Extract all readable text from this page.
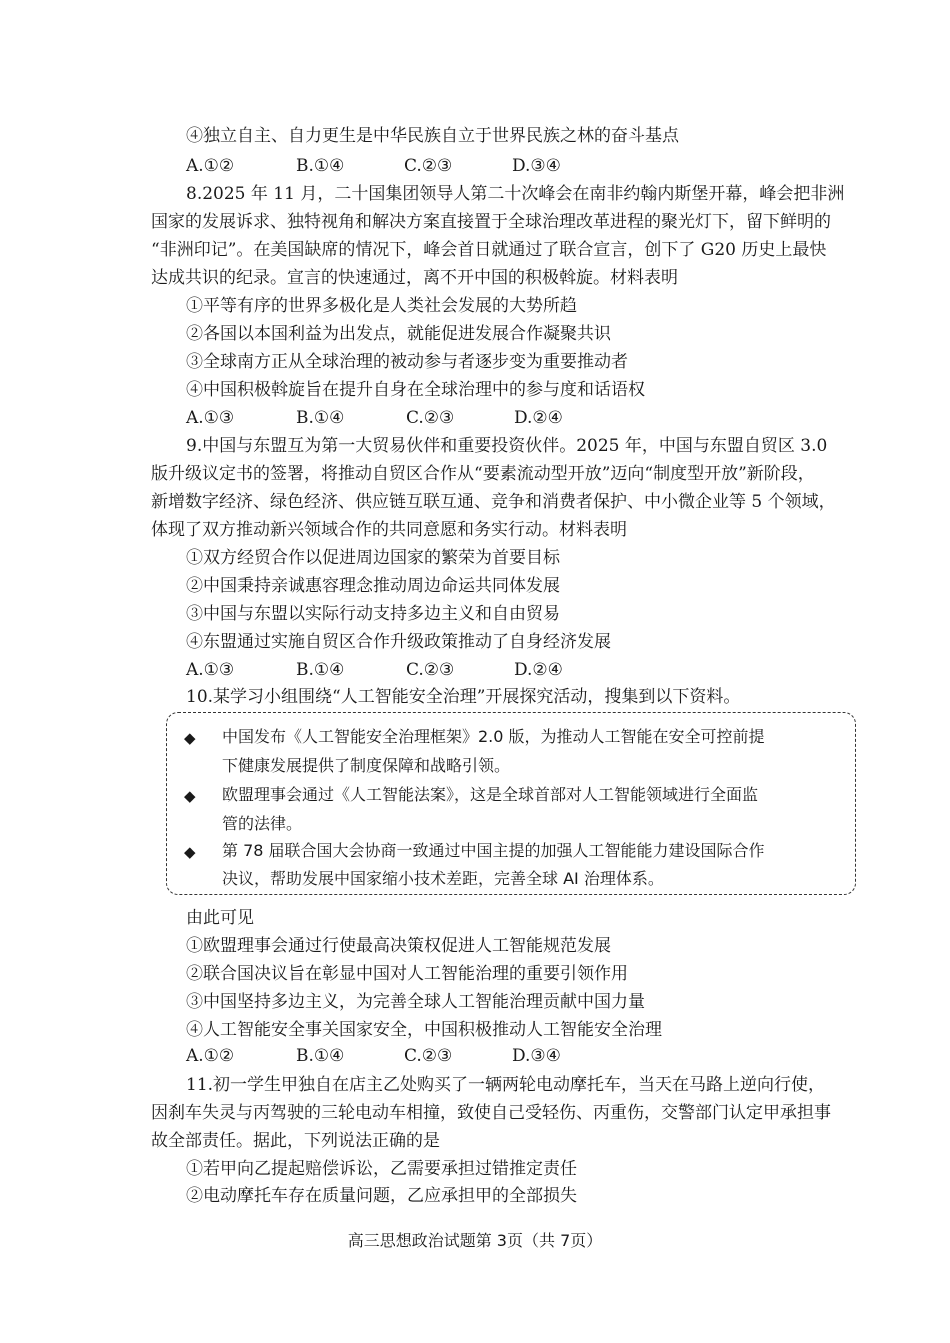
④独立自主、自力更生是中华民族自立于世界民族之林的奋斗基点
A.①②	B.①④	C.②③	D.③④
8.2025 年 11 月，二十国集团领导人第二十次峰会在南非约翰内斯堡开幕，峰会把非洲
国家的发展诉求、独特视角和解决方案直接置于全球治理改革进程的聚光灯下，留下鲜明的
“非洲印记”。在美国缺席的情况下，峰会首日就通过了联合宣言，创下了 G20 历史上最快
达成共识的纪录。宣言的快速通过，离不开中国的积极斡旋。材料表明
①平等有序的世界多极化是人类社会发展的大势所趋
②各国以本国利益为出发点，就能促进发展合作凝聚共识
③全球南方正从全球治理的被动参与者逐步变为重要推动者
④中国积极斡旋旨在提升自身在全球治理中的参与度和话语权
A.①③	B.①④	C.②③	D.②④
9.中国与东盟互为第一大贸易伙伴和重要投资伙伴。2025 年，中国与东盟自贸区 3.0
版升级议定书的签署，将推动自贸区合作从“要素流动型开放”迈向“制度型开放”新阶段，
新增数字经济、绿色经济、供应链互联互通、竞争和消费者保护、中小微企业等 5 个领域，
体现了双方推动新兴领域合作的共同意愿和务实行动。材料表明
①双方经贸合作以促进周边国家的繁荣为首要目标
②中国秉持亲诚惠容理念推动周边命运共同体发展
③中国与东盟以实际行动支持多边主义和自由贸易
④东盟通过实施自贸区合作升级政策推动了自身经济发展
A.①③	B.①④	C.②③	D.②④
10.某学习小组围绕“人工智能安全治理”开展探究活动，搜集到以下资料。
◆ 中国发布《人工智能安全治理框架》2.0 版，为推动人工智能在安全可控前提
下健康发展提供了制度保障和战略引领。
◆ 欧盟理事会通过《人工智能法案》，这是全球首部对人工智能领域进行全面监
管的法律。
◆ 第 78 届联合国大会协商一致通过中国主提的加强人工智能能力建设国际合作
决议，帮助发展中国家缩小技术差距，完善全球 AI 治理体系。
由此可见
①欧盟理事会通过行使最高决策权促进人工智能规范发展
②联合国决议旨在彰显中国对人工智能治理的重要引领作用
③中国坚持多边主义，为完善全球人工智能治理贡献中国力量
④人工智能安全事关国家安全，中国积极推动人工智能安全治理
A.①②	B.①④	C.②③	D.③④
11.初一学生甲独自在店主乙处购买了一辆两轮电动摩托车，当天在马路上逆向行使，
因刹车失灵与丙驾驶的三轮电动车相撞，致使自己受轻伤、丙重伤，交警部门认定甲承担事
故全部责任。据此，下列说法正确的是
①若甲向乙提起赔偿诉讼，乙需要承担过错推定责任
②电动摩托车存在质量问题，乙应承担甲的全部损失
高三思想政治试题第 3页（共 7页）
